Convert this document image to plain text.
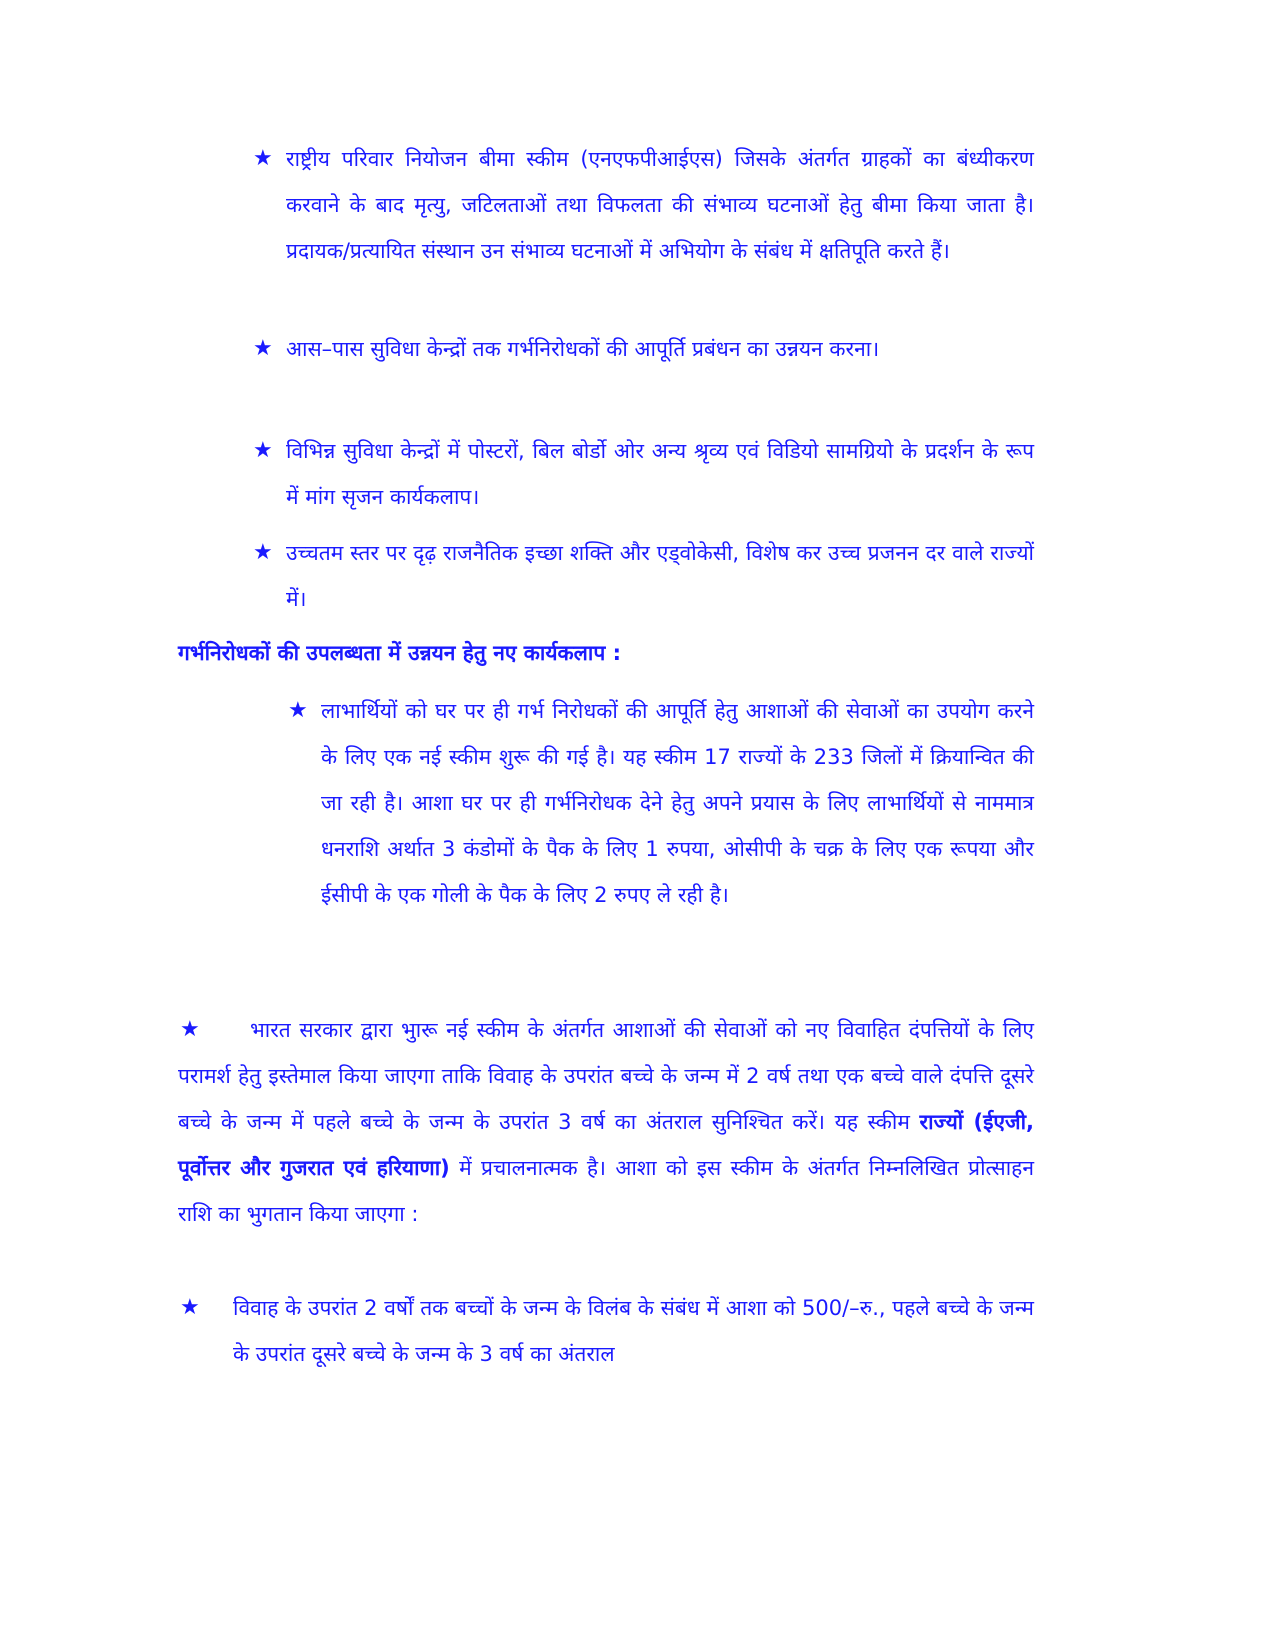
★ राष्ट्रीय परिवार नियोजन बीमा स्कीम (एनएफपीआईएस) जिसके अंतर्गत ग्राहकों का बंध्यीकरण करवाने के बाद मृत्यु, जटिलताओं तथा विफलता की संभाव्य घटनाओं हेतु बीमा किया जाता है। प्रदायक/प्रत्यायित संस्थान उन संभाव्य घटनाओं में अभियोग के संबंध में क्षतिपूति करते हैं।
★ आस–पास सुविधा केन्द्रों तक गर्भनिरोधकों की आपूर्ति प्रबंधन का उन्नयन करना।
★ विभिन्न सुविधा केन्द्रों में पोस्टरों, बिल बोर्डो ओर अन्य श्रृव्य एवं विडियो सामग्रियो के प्रदर्शन के रूप में मांग सृजन कार्यकलाप।
★ उच्चतम स्तर पर दृढ़ राजनैतिक इच्छा शक्ति और एड्वोकेसी, विशेष कर उच्च प्रजनन दर वाले राज्यों में।
गर्भनिरोधकों की उपलब्धता में उन्नयन हेतु नए कार्यकलाप :
★ लाभार्थियों को घर पर ही गर्भ निरोधकों की आपूर्ति हेतु आशाओं की सेवाओं का उपयोग करने के लिए एक नई स्कीम शुरू की गई है। यह स्कीम 17 राज्यों के 233 जिलों में क्रियान्वित की जा रही है। आशा घर पर ही गर्भनिरोधक देने हेतु अपने प्रयास के लिए लाभार्थियों से नाममात्र धनराशि अर्थात 3 कंडोमों के पैक के लिए 1 रुपया, ओसीपी के चक्र के लिए एक रूपया और ईसीपी के एक गोली के पैक के लिए 2 रुपए ले रही है।
★	भारत सरकार द्वारा भुारू नई स्कीम के अंतर्गत आशाओं की सेवाओं को नए विवाहित दंपत्तियों के लिए परामर्श हेतु इस्तेमाल किया जाएगा ताकि विवाह के उपरांत बच्चे के जन्म में 2 वर्ष तथा एक बच्चे वाले दंपत्ति दूसरे बच्चे के जन्म में पहले बच्चे के जन्म के उपरांत 3 वर्ष का अंतराल सुनिश्चित करें। यह स्कीम राज्यों (ईएजी, पूर्वोत्तर और गुजरात एवं हरियाणा) में प्रचालनात्मक है। आशा को इस स्कीम के अंतर्गत निम्नलिखित प्रोत्साहन राशि का भुगतान किया जाएगा :
★ विवाह के उपरांत 2 वर्षों तक बच्चों के जन्म के विलंब के संबंध में आशा को 500/–रु., पहले बच्चे के जन्म के उपरांत दूसरे बच्चे के जन्म के 3 वर्ष का अंतराल
